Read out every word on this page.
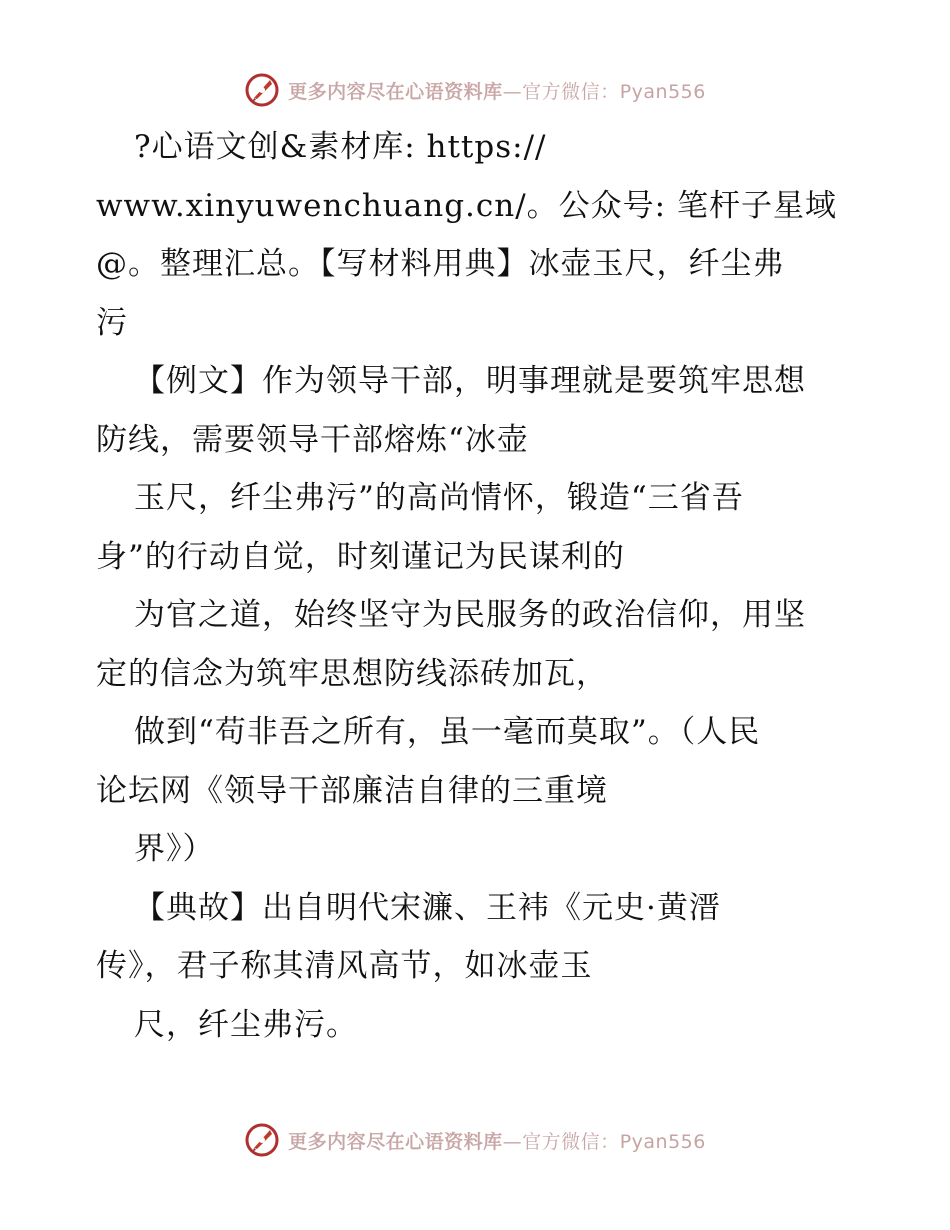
更多内容尽在心语资料库—官方微信：Pyan556
?心语文创&素材库: https://
www.xinyuwenchuang.cn/。公众号: 笔杆子星域
@。整理汇总。【写材料用典】冰壶玉尺，纤尘弗
污
【例文】作为领导干部，明事理就是要筑牢思想
防线，需要领导干部熔炼“冰壶
玉尺，纤尘弗污”的高尚情怀，锻造“三省吾
身”的行动自觉，时刻谨记为民谋利的
为官之道，始终坚守为民服务的政治信仰，用坚
定的信念为筑牢思想防线添砖加瓦，
做到“苟非吾之所有，虽一毫而莫取”。（人民
论坛网《领导干部廉洁自律的三重境
界》）
【典故】出自明代宋濂、王袆《元史·黄溍
传》，君子称其清风高节，如冰壶玉
尺，纤尘弗污。
更多内容尽在心语资料库—官方微信：Pyan556
